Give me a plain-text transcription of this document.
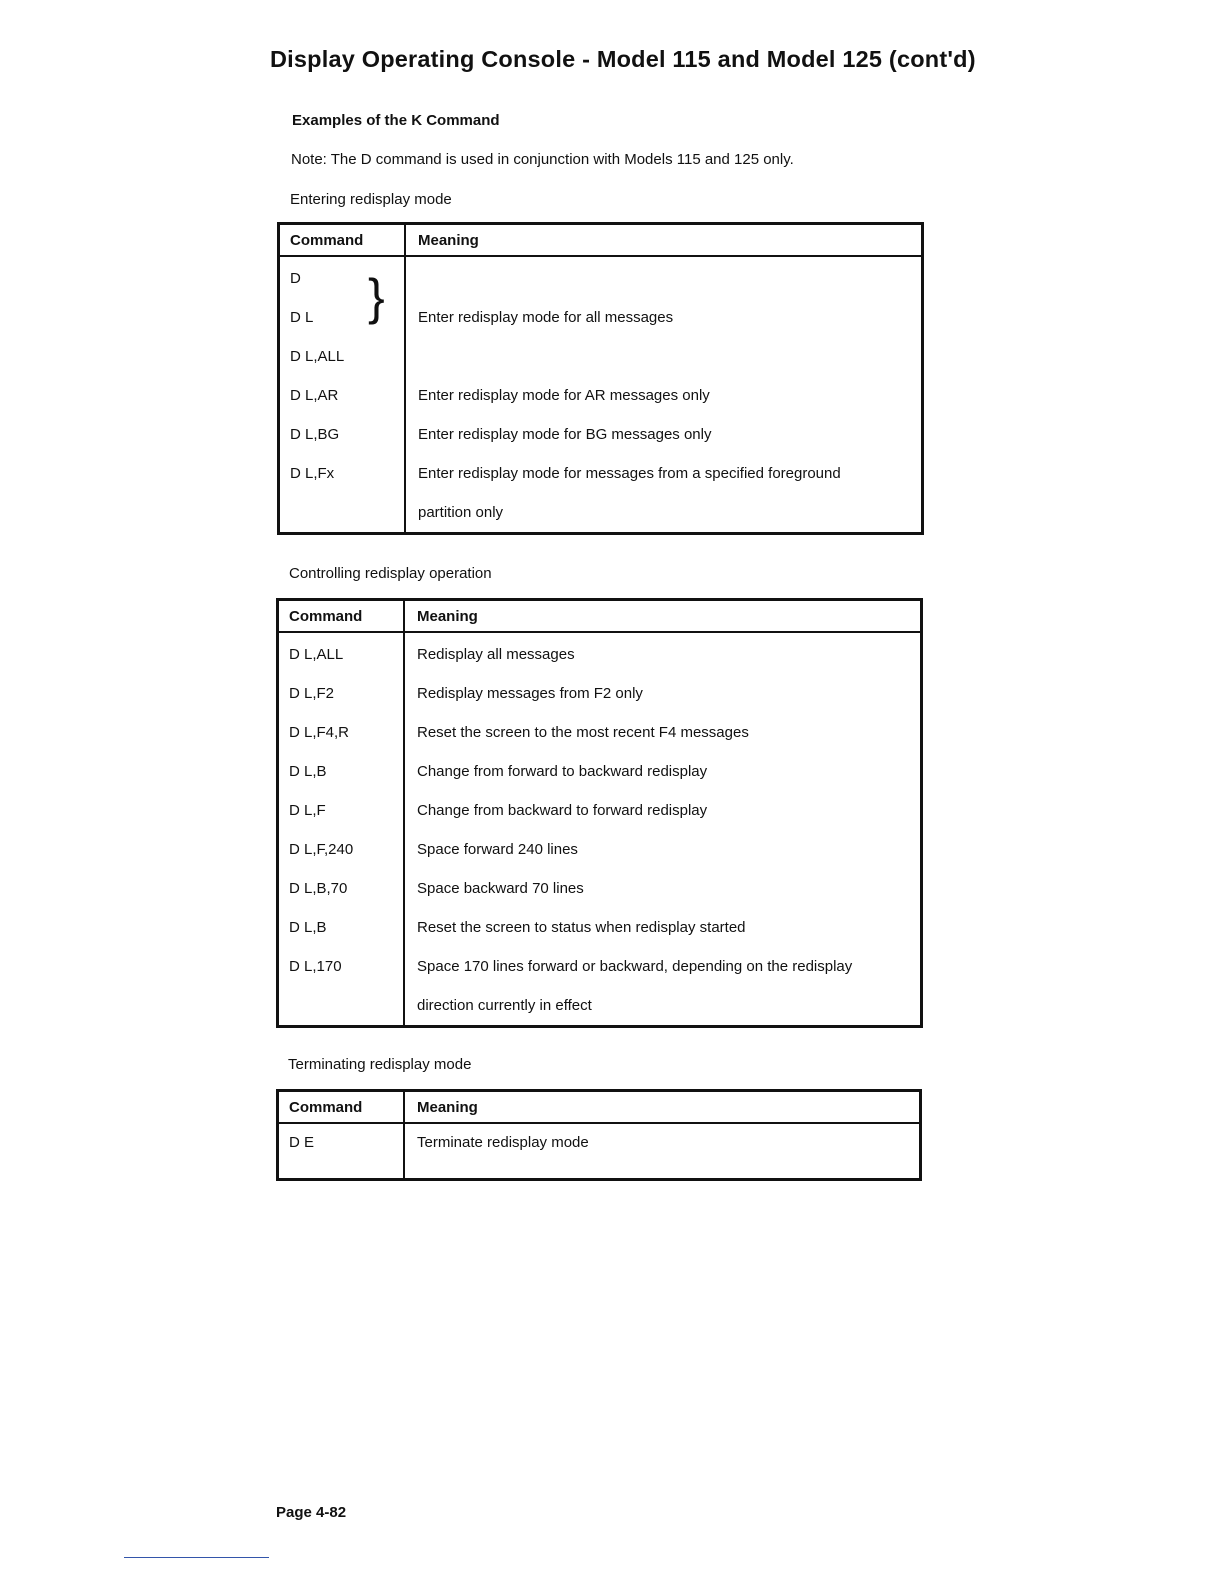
Display Operating Console - Model 115 and Model 125 (cont'd)
Examples of the K Command
Note: The D command is used in conjunction with Models 115 and 125 only.
Entering redisplay mode
Command	Meaning
D	Enter redisplay mode for all messages
D L	
D L,ALL	
D L,AR	Enter redisplay mode for AR messages only
D L,BG	Enter redisplay mode for BG messages only
D L,Fx	Enter redisplay mode for messages from a specified foreground
	partition only
}
Controlling redisplay operation
Command	Meaning
D L,ALL	Redisplay all messages
D L,F2	Redisplay messages from F2 only
D L,F4,R	Reset the screen to the most recent F4 messages
D L,B	Change from forward to backward redisplay
D L,F	Change from backward to forward redisplay
D L,F,240	Space forward 240 lines
D L,B,70	Space backward 70 lines
D L,B	Reset the screen to status when redisplay started
D L,170	Space 170 lines forward or backward, depending on the redisplay
	direction currently in effect
Terminating redisplay mode
Command	Meaning
D E	Terminate redisplay mode
Page 4-82
